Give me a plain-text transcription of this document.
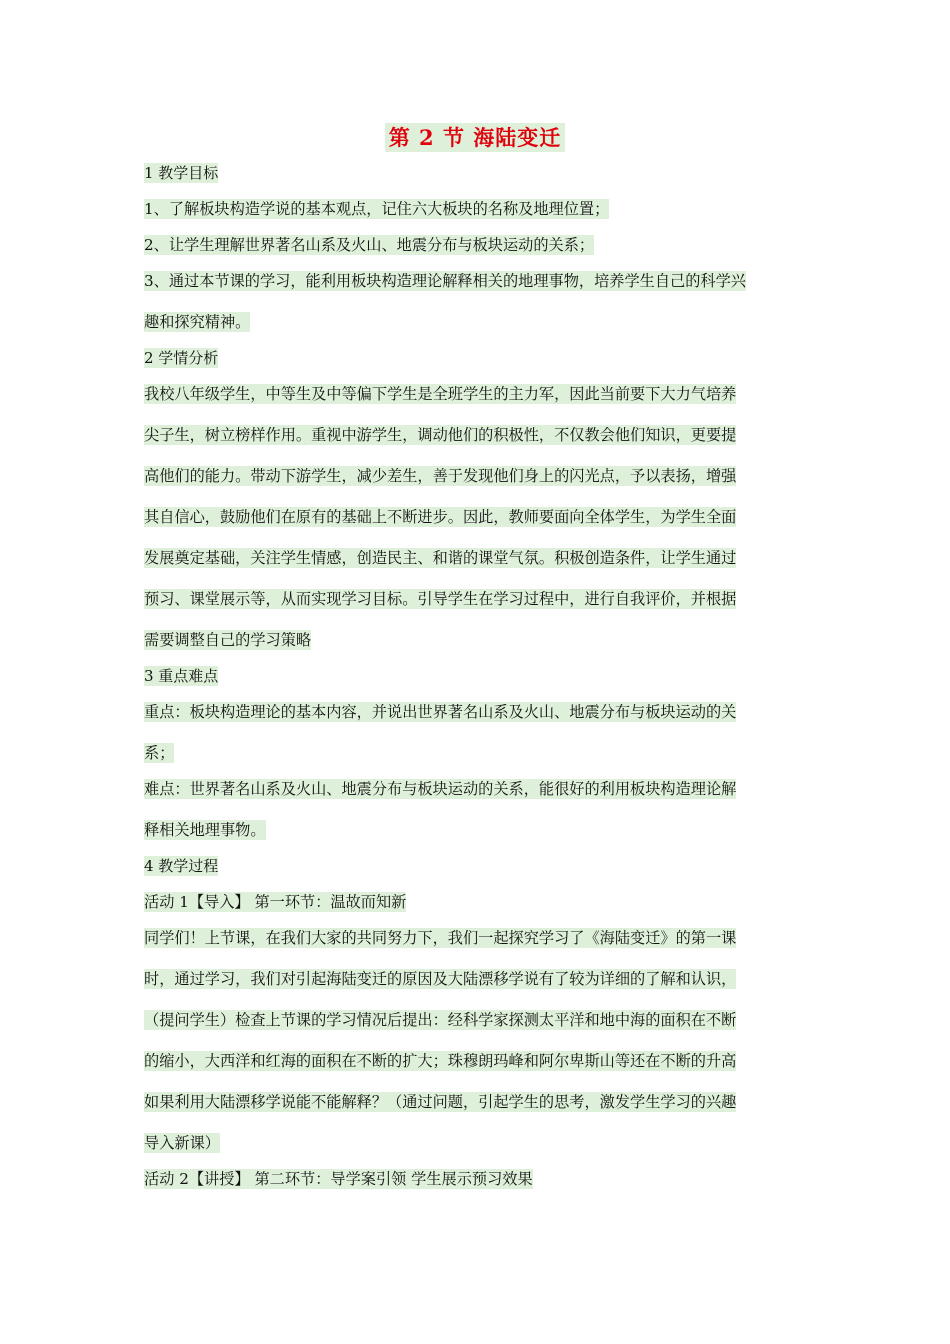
第 2 节 海陆变迁
1 教学目标
1、了解板块构造学说的基本观点，记住六大板块的名称及地理位置；
2、让学生理解世界著名山系及火山、地震分布与板块运动的关系；
3、通过本节课的学习，能利用板块构造理论解释相关的地理事物，培养学生自己的科学兴
趣和探究精神。
2 学情分析
我校八年级学生，中等生及中等偏下学生是全班学生的主力军，因此当前要下大力气培养
尖子生，树立榜样作用。重视中游学生，调动他们的积极性，不仅教会他们知识，更要提
高他们的能力。带动下游学生，减少差生，善于发现他们身上的闪光点，予以表扬，增强
其自信心，鼓励他们在原有的基础上不断进步。因此，教师要面向全体学生，为学生全面
发展奠定基础，关注学生情感，创造民主、和谐的课堂气氛。积极创造条件，让学生通过
预习、课堂展示等，从而实现学习目标。引导学生在学习过程中，进行自我评价，并根据
需要调整自己的学习策略
3 重点难点
重点：板块构造理论的基本内容，并说出世界著名山系及火山、地震分布与板块运动的关
系；
难点：世界著名山系及火山、地震分布与板块运动的关系，能很好的利用板块构造理论解
释相关地理事物。
4 教学过程
活动 1【导入】 第一环节：温故而知新
同学们！上节课，在我们大家的共同努力下，我们一起探究学习了《海陆变迁》的第一课
时，通过学习，我们对引起海陆变迁的原因及大陆漂移学说有了较为详细的了解和认识，
（提问学生）检查上节课的学习情况后提出：经科学家探测太平洋和地中海的面积在不断
的缩小，大西洋和红海的面积在不断的扩大；珠穆朗玛峰和阿尔卑斯山等还在不断的升高
如果利用大陆漂移学说能不能解释？（通过问题，引起学生的思考，激发学生学习的兴趣
导入新课）
活动 2【讲授】 第二环节：导学案引领 学生展示预习效果
